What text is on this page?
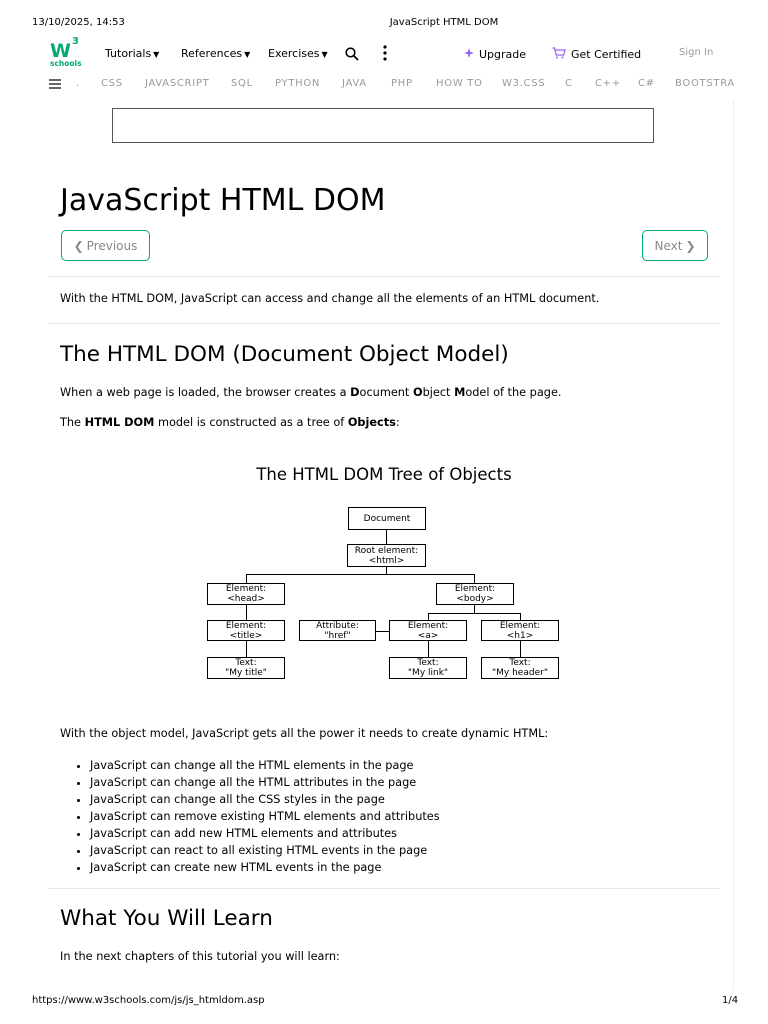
13/10/2025, 14:53	JavaScript HTML DOM
https://www.w3schools.com/js/js_htmldom.asp	1/4
W 3
schools
Tutorials ▼ References ▼ Exercises ▼	Upgrade	Get Certified	Sign In
. CSS JAVASCRIPT SQL PYTHON JAVA PHP HOW TO W3.CSS C C++ C# BOOTSTRA
JavaScript HTML DOM
❮ Previous	Next ❯
With the HTML DOM, JavaScript can access and change all the elements of an HTML document.
The HTML DOM (Document Object Model)
When a web page is loaded, the browser creates a Document Object Model of the page.
The HTML DOM model is constructed as a tree of Objects:
The HTML DOM Tree of Objects
Document
Root element:
<html>
Element:
<head>
Element:
<body>
Element:
<title>
Attribute:
"href"
Element:
<a>
Element:
<h1>
Text:
"My title"
Text:
"My link"
Text:
"My header"
With the object model, JavaScript gets all the power it needs to create dynamic HTML:
• JavaScript can change all the HTML elements in the page
• JavaScript can change all the HTML attributes in the page
• JavaScript can change all the CSS styles in the page
• JavaScript can remove existing HTML elements and attributes
• JavaScript can add new HTML elements and attributes
• JavaScript can react to all existing HTML events in the page
• JavaScript can create new HTML events in the page
What You Will Learn
In the next chapters of this tutorial you will learn:
